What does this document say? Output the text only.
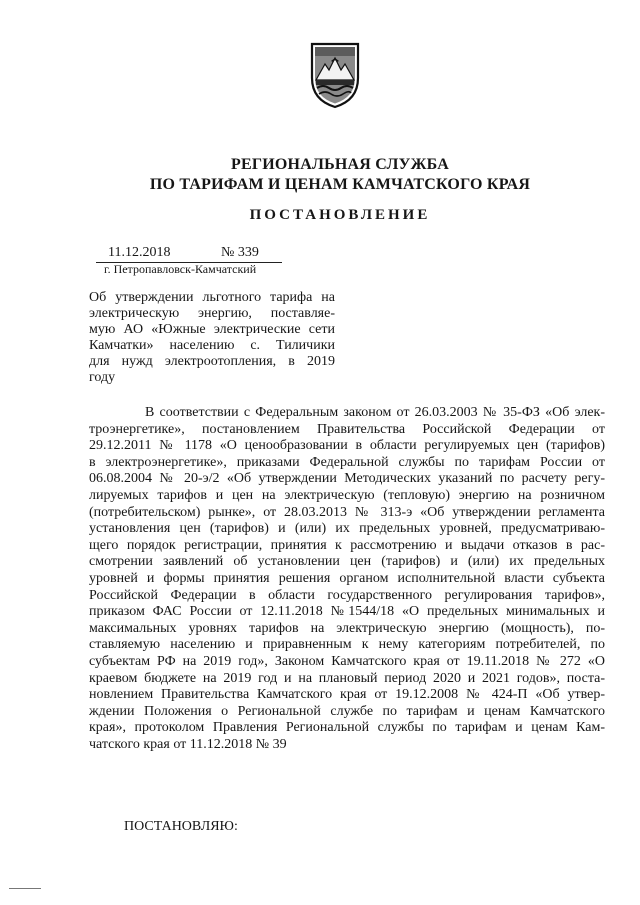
РЕГИОНАЛЬНАЯ СЛУЖБА
ПО ТАРИФАМ И ЦЕНАМ КАМЧАТСКОГО КРАЯ
ПОСТАНОВЛЕНИЕ
11.12.2018	№ 339
г. Петропавловск-Камчатский
Об утверждении льготного тарифа на
электрическую энергию, поставляе-
мую АО «Южные электрические сети
Камчатки» населению с. Тиличики
для нужд электроотопления, в 2019
году
В соответствии с Федеральным законом от 26.03.2003 № 35-ФЗ «Об элек-
троэнергетике», постановлением Правительства Российской Федерации от
29.12.2011 № 1178 «О ценообразовании в области регулируемых цен (тарифов)
в электроэнергетике», приказами Федеральной службы по тарифам России от
06.08.2004 № 20-э/2 «Об утверждении Методических указаний по расчету регу-
лируемых тарифов и цен на электрическую (тепловую) энергию на розничном
(потребительском) рынке», от 28.03.2013 № 313-э «Об утверждении регламента
установления цен (тарифов) и (или) их предельных уровней, предусматриваю-
щего порядок регистрации, принятия к рассмотрению и выдачи отказов в рас-
смотрении заявлений об установлении цен (тарифов) и (или) их предельных
уровней и формы принятия решения органом исполнительной власти субъекта
Российской Федерации в области государственного регулирования тарифов»,
приказом ФАС России от 12.11.2018 №1544/18 «О предельных минимальных и
максимальных уровнях тарифов на электрическую энергию (мощность), по-
ставляемую населению и приравненным к нему категориям потребителей, по
субъектам РФ на 2019 год», Законом Камчатского края от 19.11.2018 № 272 «О
краевом бюджете на 2019 год и на плановый период 2020 и 2021 годов», поста-
новлением Правительства Камчатского края от 19.12.2008 № 424-П «Об утвер-
ждении Положения о Региональной службе по тарифам и ценам Камчатского
края», протоколом Правления Региональной службы по тарифам и ценам Кам-
чатского края от 11.12.2018 № 39
ПОСТАНОВЛЯЮ:
